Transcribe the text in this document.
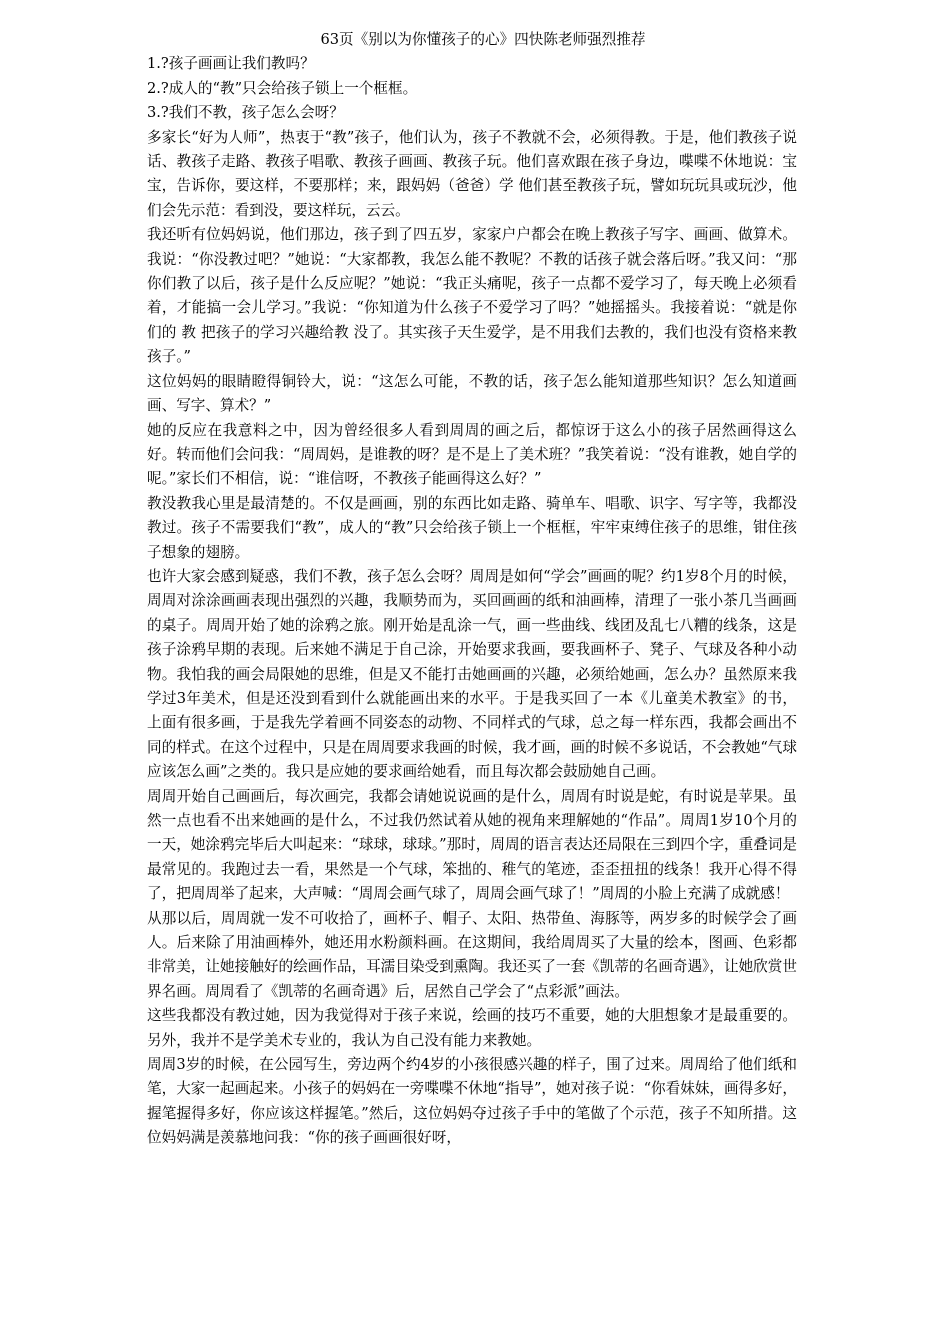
63页《别以为你懂孩子的心》四快陈老师强烈推荐

1.?孩子画画让我们教吗？

2.?成人的“教”只会给孩子锁上一个框框。

3.?我们不教，孩子怎么会呀？

多家长“好为人师”，热衷于“教”孩子，他们认为，孩子不教就不会，必须得教。于是，他们教孩子说话、教孩子走路、教孩子唱歌、教孩子画画、教孩子玩。他们喜欢跟在孩子身边，喋喋不休地说：宝宝，告诉你，要这样，不要那样；来，跟妈妈（爸爸）学 他们甚至教孩子玩，譬如玩玩具或玩沙，他们会先示范：看到没，要这样玩，云云。

我还听有位妈妈说，他们那边，孩子到了四五岁，家家户户都会在晚上教孩子写字、画画、做算术。我说：“你没教过吧？”她说：“大家都教，我怎么能不教呢？不教的话孩子就会落后呀。”我又问：“那你们教了以后，孩子是什么反应呢？”她说：“我正头痛呢，孩子一点都不爱学习了，每天晚上必须看着，才能搞一会儿学习。”我说：“你知道为什么孩子不爱学习了吗？”她摇摇头。我接着说：“就是你们的 教 把孩子的学习兴趣给教 没了。其实孩子天生爱学，是不用我们去教的，我们也没有资格来教孩子。”

这位妈妈的眼睛瞪得铜铃大，说：“这怎么可能，不教的话，孩子怎么能知道那些知识？怎么知道画画、写字、算术？”

她的反应在我意料之中，因为曾经很多人看到周周的画之后，都惊讶于这么小的孩子居然画得这么好。转而他们会问我：“周周妈，是谁教的呀？是不是上了美术班？”我笑着说：“没有谁教，她自学的呢。”家长们不相信，说：“谁信呀，不教孩子能画得这么好？”

教没教我心里是最清楚的。不仅是画画，别的东西比如走路、骑单车、唱歌、识字、写字等，我都没教过。孩子不需要我们“教”，成人的“教”只会给孩子锁上一个框框，牢牢束缚住孩子的思维，钳住孩子想象的翅膀。

也许大家会感到疑惑，我们不教，孩子怎么会呀？周周是如何“学会”画画的呢？约1岁8个月的时候，周周对涂涂画画表现出强烈的兴趣，我顺势而为，买回画画的纸和油画棒，清理了一张小茶几当画画的桌子。周周开始了她的涂鸦之旅。刚开始是乱涂一气，画一些曲线、线团及乱七八糟的线条，这是孩子涂鸦早期的表现。后来她不满足于自己涂，开始要求我画，要我画杯子、凳子、气球及各种小动物。我怕我的画会局限她的思维，但是又不能打击她画画的兴趣，必须给她画，怎么办？虽然原来我学过3年美术，但是还没到看到什么就能画出来的水平。于是我买回了一本《儿童美术教室》的书，上面有很多画，于是我先学着画不同姿态的动物、不同样式的气球，总之每一样东西，我都会画出不同的样式。在这个过程中，只是在周周要求我画的时候，我才画，画的时候不多说话，不会教她“气球应该怎么画”之类的。我只是应她的要求画给她看，而且每次都会鼓励她自己画。

周周开始自己画画后，每次画完，我都会请她说说画的是什么，周周有时说是蛇，有时说是苹果。虽然一点也看不出来她画的是什么，不过我仍然试着从她的视角来理解她的“作品”。周周1岁10个月的一天，她涂鸦完毕后大叫起来：“球球，球球。”那时，周周的语言表达还局限在三到四个字，重叠词是最常见的。我跑过去一看，果然是一个气球，笨拙的、稚气的笔迹，歪歪扭扭的线条！我开心得不得了，把周周举了起来，大声喊：“周周会画气球了，周周会画气球了！”周周的小脸上充满了成就感！

从那以后，周周就一发不可收拾了，画杯子、帽子、太阳、热带鱼、海豚等，两岁多的时候学会了画人。后来除了用油画棒外，她还用水粉颜料画。在这期间，我给周周买了大量的绘本，图画、色彩都非常美，让她接触好的绘画作品，耳濡目染受到熏陶。我还买了一套《凯蒂的名画奇遇》，让她欣赏世界名画。周周看了《凯蒂的名画奇遇》后，居然自己学会了“点彩派”画法。

这些我都没有教过她，因为我觉得对于孩子来说，绘画的技巧不重要，她的大胆想象才是最重要的。另外，我并不是学美术专业的，我认为自己没有能力来教她。

周周3岁的时候，在公园写生，旁边两个约4岁的小孩很感兴趣的样子，围了过来。周周给了他们纸和笔，大家一起画起来。小孩子的妈妈在一旁喋喋不休地“指导”，她对孩子说：“你看妹妹，画得多好，握笔握得多好，你应该这样握笔。”然后，这位妈妈夺过孩子手中的笔做了个示范，孩子不知所措。这位妈妈满是羡慕地问我：“你的孩子画画很好呀，
